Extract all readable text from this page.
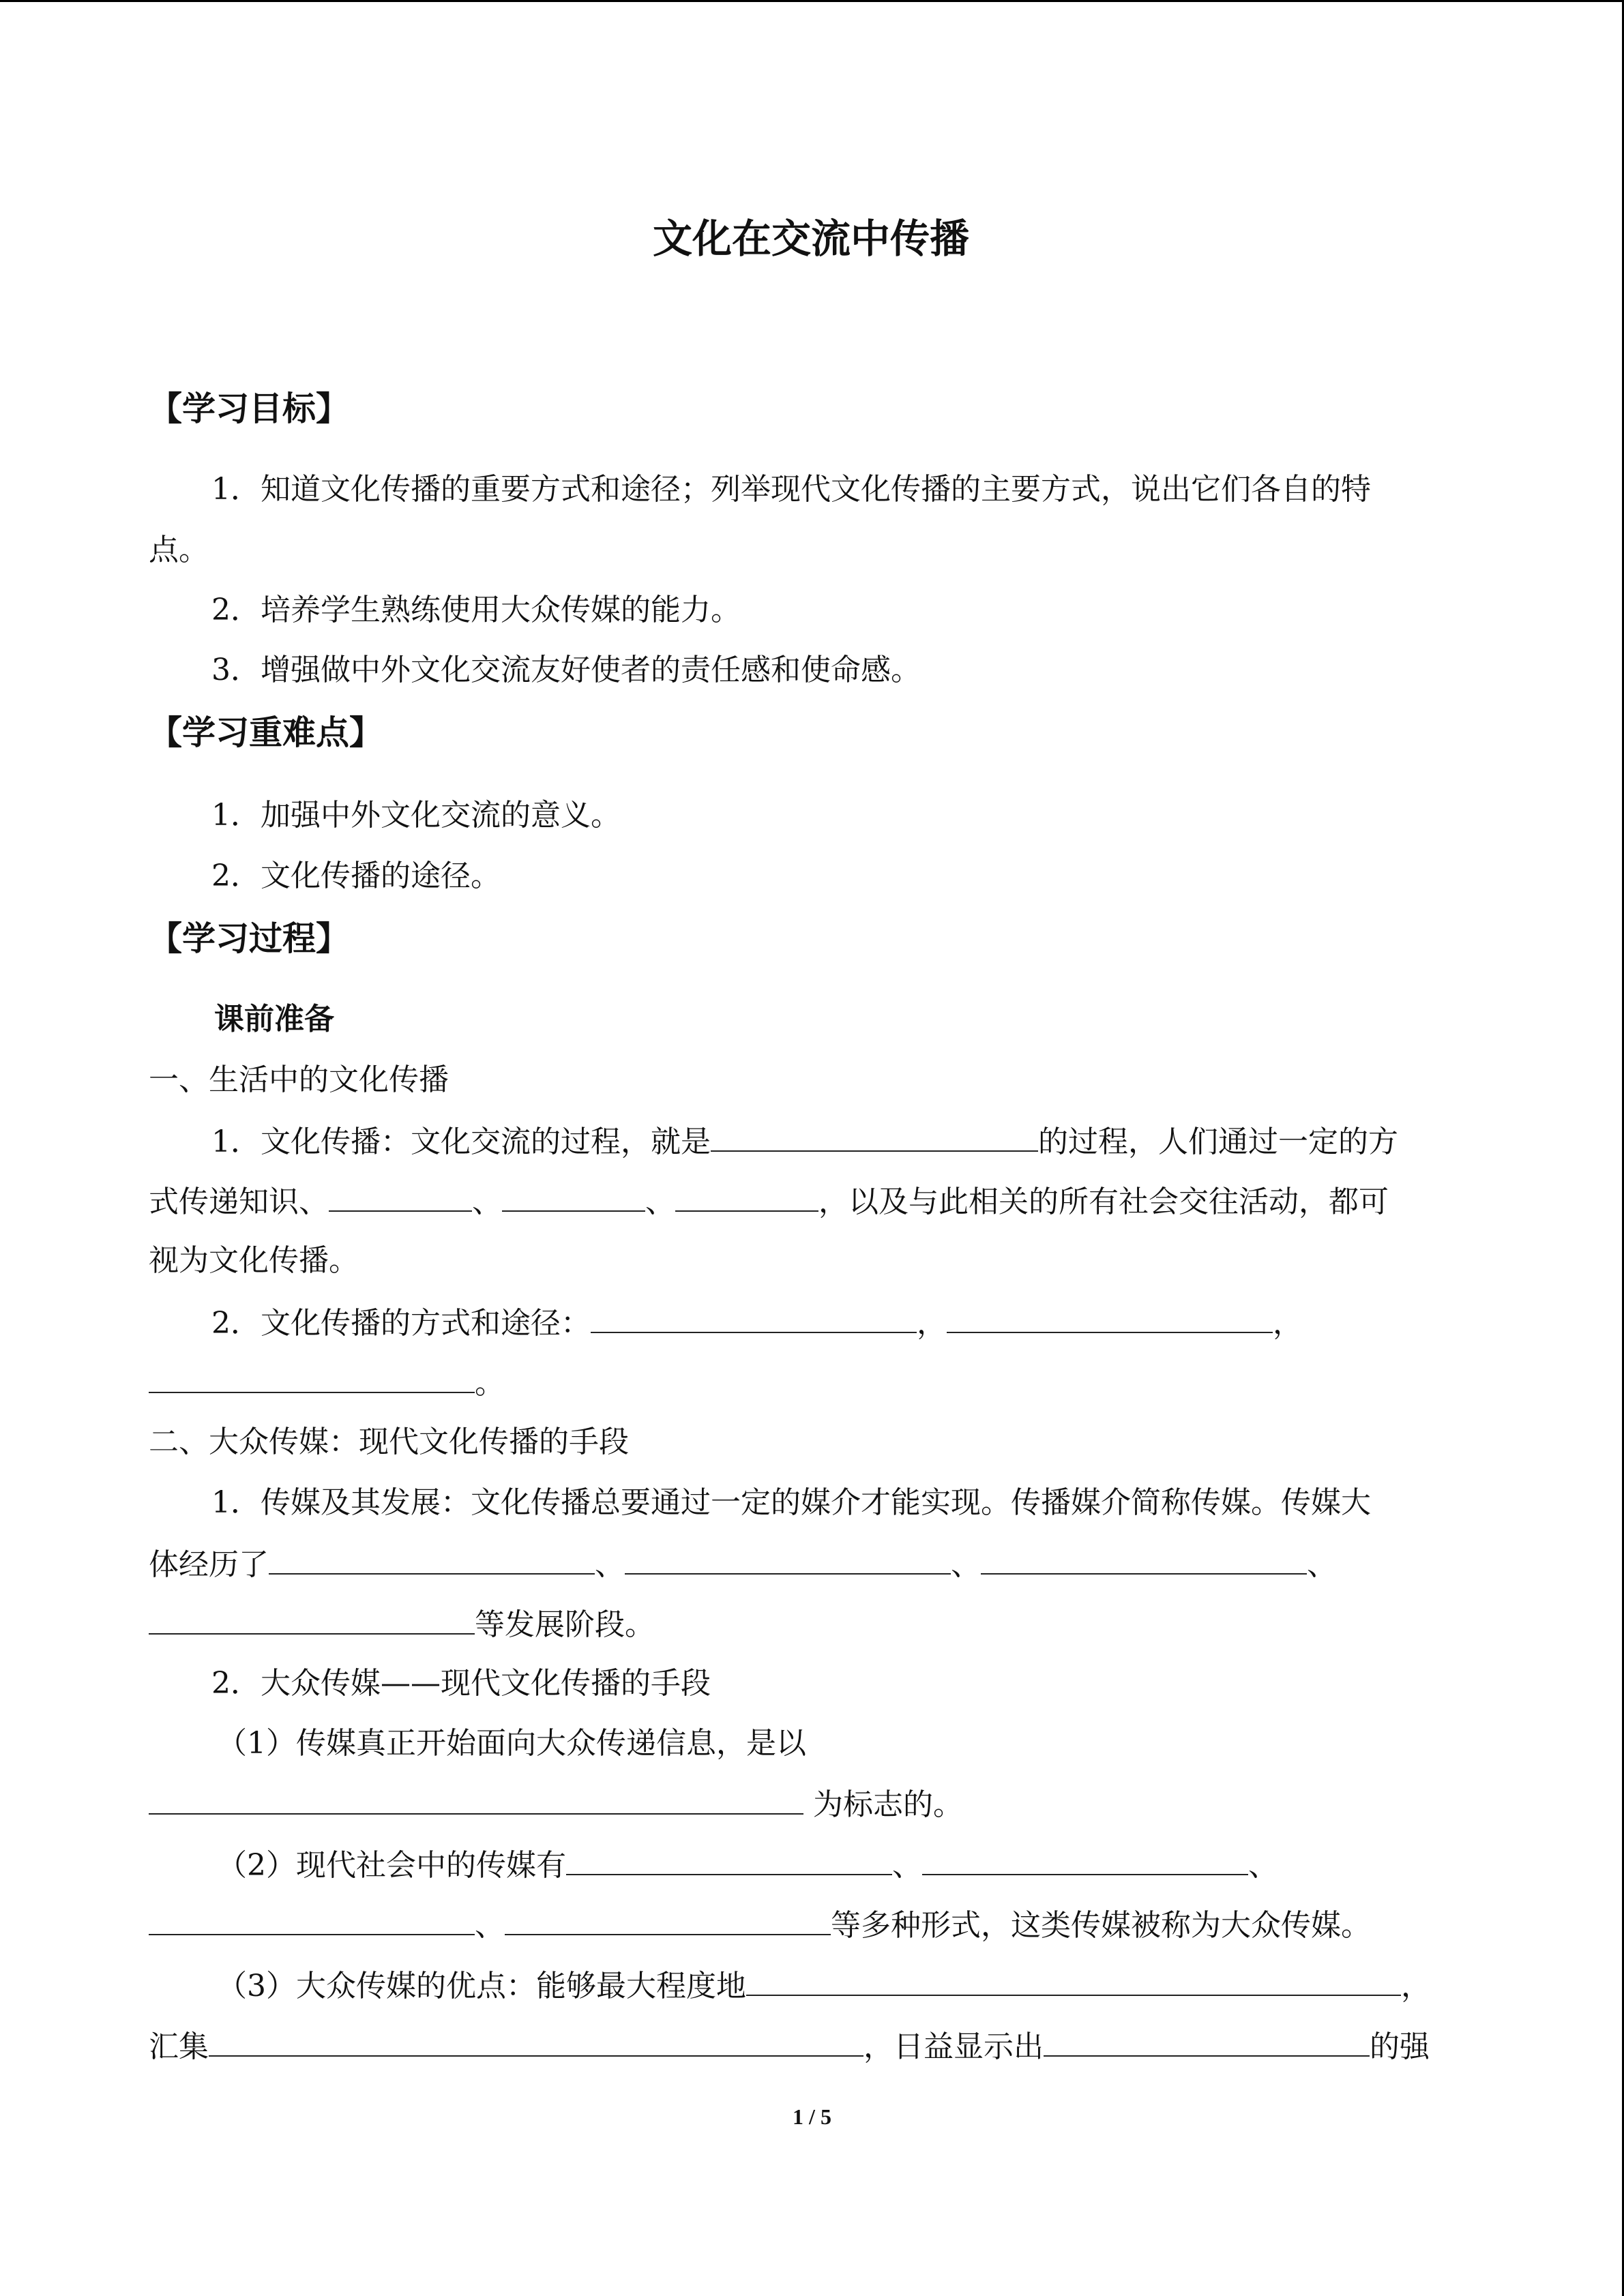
文化在交流中传播
【学习目标】
1．知道文化传播的重要方式和途径；列举现代文化传播的主要方式，说出它们各自的特
点。
2．培养学生熟练使用大众传媒的能力。
3．增强做中外文化交流友好使者的责任感和使命感。
【学习重难点】
1．加强中外文化交流的意义。
2．文化传播的途径。
【学习过程】
课前准备
一、生活中的文化传播
1．文化传播：文化交流的过程，就是	的过程，人们通过一定的方
式传递知识、	、	、	，以及与此相关的所有社会交往活动，都可
视为文化传播。
2．文化传播的方式和途径：	，	，
。
二、大众传媒：现代文化传播的手段
1．传媒及其发展：文化传播总要通过一定的媒介才能实现。传播媒介简称传媒。传媒大
体经历了	、	、	、
等发展阶段。
2．大众传媒——现代文化传播的手段
（1）传媒真正开始面向大众传递信息，是以
为标志的。
（2）现代社会中的传媒有	、	、
、	等多种形式，这类传媒被称为大众传媒。
（3）大众传媒的优点：能够最大程度地	，
汇集	，日益显示出	的强
1 / 5
